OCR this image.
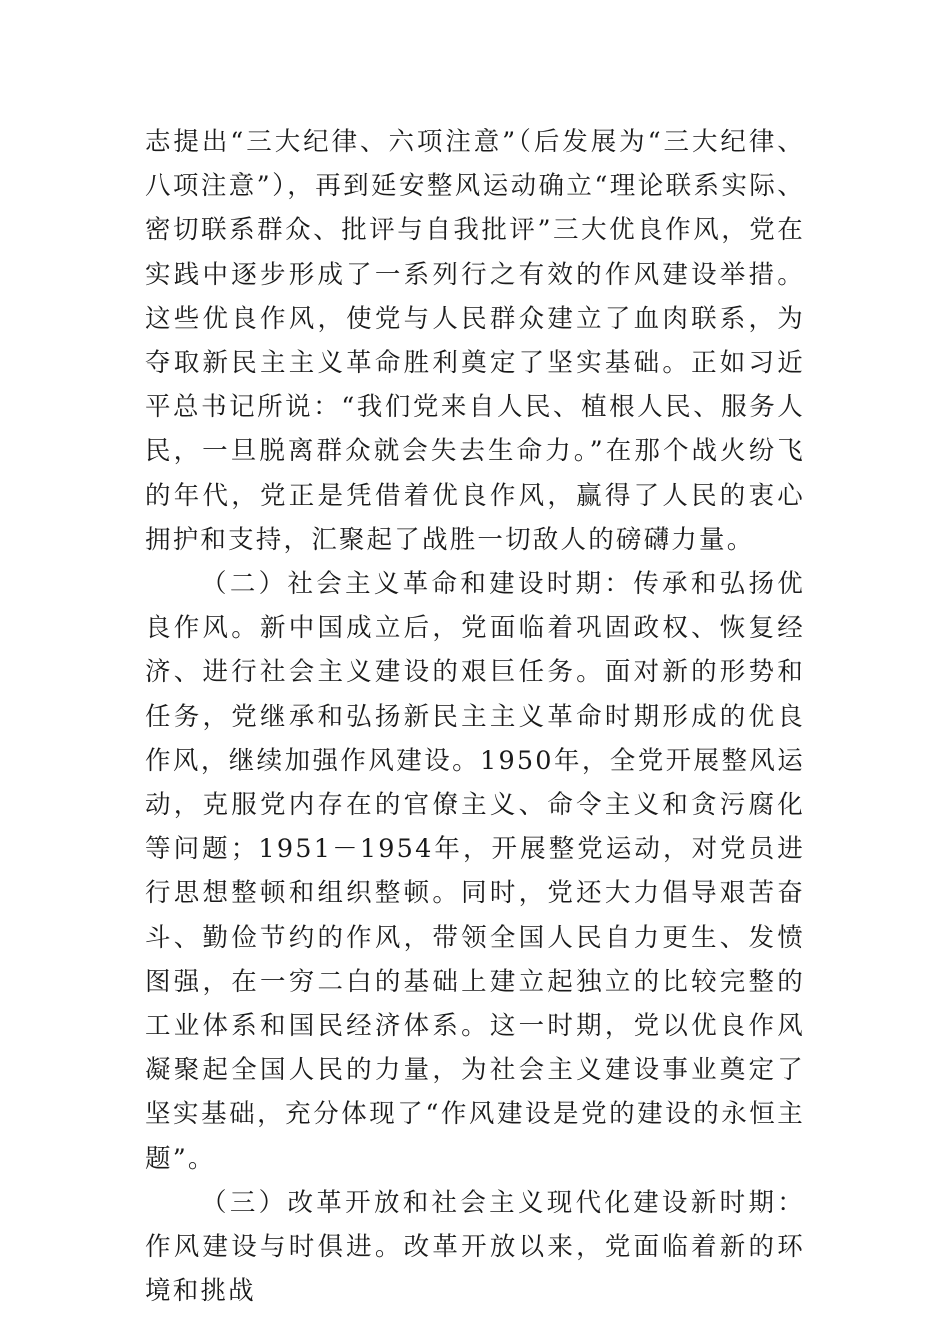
志提出“三大纪律、六项注意”（后发展为“三大纪律、八项注意”），再到延安整风运动确立“理论联系实际、密切联系群众、批评与自我批评”三大优良作风，党在实践中逐步形成了一系列行之有效的作风建设举措。这些优良作风，使党与人民群众建立了血肉联系，为夺取新民主主义革命胜利奠定了坚实基础。正如习近平总书记所说：“我们党来自人民、植根人民、服务人民，一旦脱离群众就会失去生命力。”在那个战火纷飞的年代，党正是凭借着优良作风，赢得了人民的衷心拥护和支持，汇聚起了战胜一切敌人的磅礴力量。

（二）社会主义革命和建设时期：传承和弘扬优良作风。新中国成立后，党面临着巩固政权、恢复经济、进行社会主义建设的艰巨任务。面对新的形势和任务，党继承和弘扬新民主主义革命时期形成的优良作风，继续加强作风建设。1950年，全党开展整风运动，克服党内存在的官僚主义、命令主义和贪污腐化等问题；1951－1954年，开展整党运动，对党员进行思想整顿和组织整顿。同时，党还大力倡导艰苦奋斗、勤俭节约的作风，带领全国人民自力更生、发愤图强，在一穷二白的基础上建立起独立的比较完整的工业体系和国民经济体系。这一时期，党以优良作风凝聚起全国人民的力量，为社会主义建设事业奠定了坚实基础，充分体现了“作风建设是党的建设的永恒主题”。

（三）改革开放和社会主义现代化建设新时期：作风建设与时俱进。改革开放以来，党面临着新的环境和挑战
